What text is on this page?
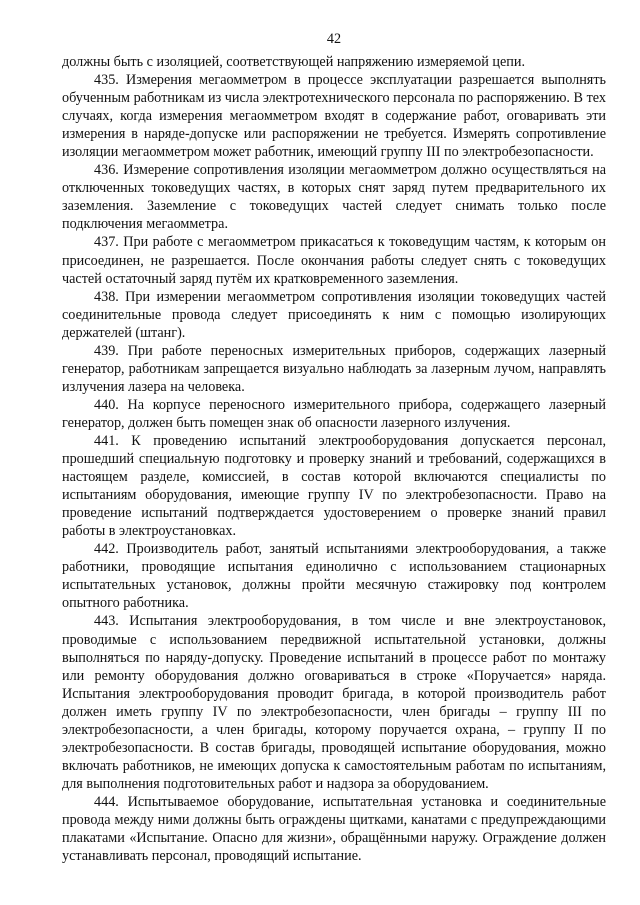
42

должны быть с изоляцией, соответствующей напряжению измеряемой цепи.

435. Измерения мегаомметром в процессе эксплуатации разрешается выполнять обученным работникам из числа электротехнического персонала по распоряжению. В тех случаях, когда измерения мегаомметром входят в содержание работ, оговаривать эти измерения в наряде-допуске или распоряжении не требуется. Измерять сопротивление изоляции мегаомметром может работник, имеющий группу III по электробезопасности.

436. Измерение сопротивления изоляции мегаомметром должно осуществляться на отключенных токоведущих частях, в которых снят заряд путем предварительного их заземления. Заземление с токоведущих частей следует снимать только после подключения мегаомметра.

437. При работе с мегаомметром прикасаться к токоведущим частям, к которым он присоединен, не разрешается. После окончания работы следует снять с токоведущих частей остаточный заряд путём их кратковременного заземления.

438. При измерении мегаомметром сопротивления изоляции токоведущих частей соединительные провода следует присоединять к ним с помощью изолирующих держателей (штанг).

439. При работе переносных измерительных приборов, содержащих лазерный генератор, работникам запрещается визуально наблюдать за лазерным лучом, направлять излучения лазера на человека.

440. На корпусе переносного измерительного прибора, содержащего лазерный генератор, должен быть помещен знак об опасности лазерного излучения.

441. К проведению испытаний электрооборудования допускается персонал, прошедший специальную подготовку и проверку знаний и требований, содержащихся в настоящем разделе, комиссией, в состав которой включаются специалисты по испытаниям оборудования, имеющие группу IV по электробезопасности. Право на проведение испытаний подтверждается удостоверением о проверке знаний правил работы в электроустановках.

442. Производитель работ, занятый испытаниями электрооборудования, а также работники, проводящие испытания единолично с использованием стационарных испытательных установок, должны пройти месячную стажировку под контролем опытного работника.

443. Испытания электрооборудования, в том числе и вне электроустановок, проводимые с использованием передвижной испытательной установки, должны выполняться по наряду-допуску. Проведение испытаний в процессе работ по монтажу или ремонту оборудования должно оговариваться в строке «Поручается» наряда. Испытания электрооборудования проводит бригада, в которой производитель работ должен иметь группу IV по электробезопасности, член бригады – группу III по электробезопасности, а член бригады, которому поручается охрана, – группу II по электробезопасности. В состав бригады, проводящей испытание оборудования, можно включать работников, не имеющих допуска к самостоятельным работам по испытаниям, для выполнения подготовительных работ и надзора за оборудованием.

444. Испытываемое оборудование, испытательная установка и соединительные провода между ними должны быть ограждены щитками, канатами с предупреждающими плакатами «Испытание. Опасно для жизни», обращёнными наружу. Ограждение должен устанавливать персонал, проводящий испытание.
